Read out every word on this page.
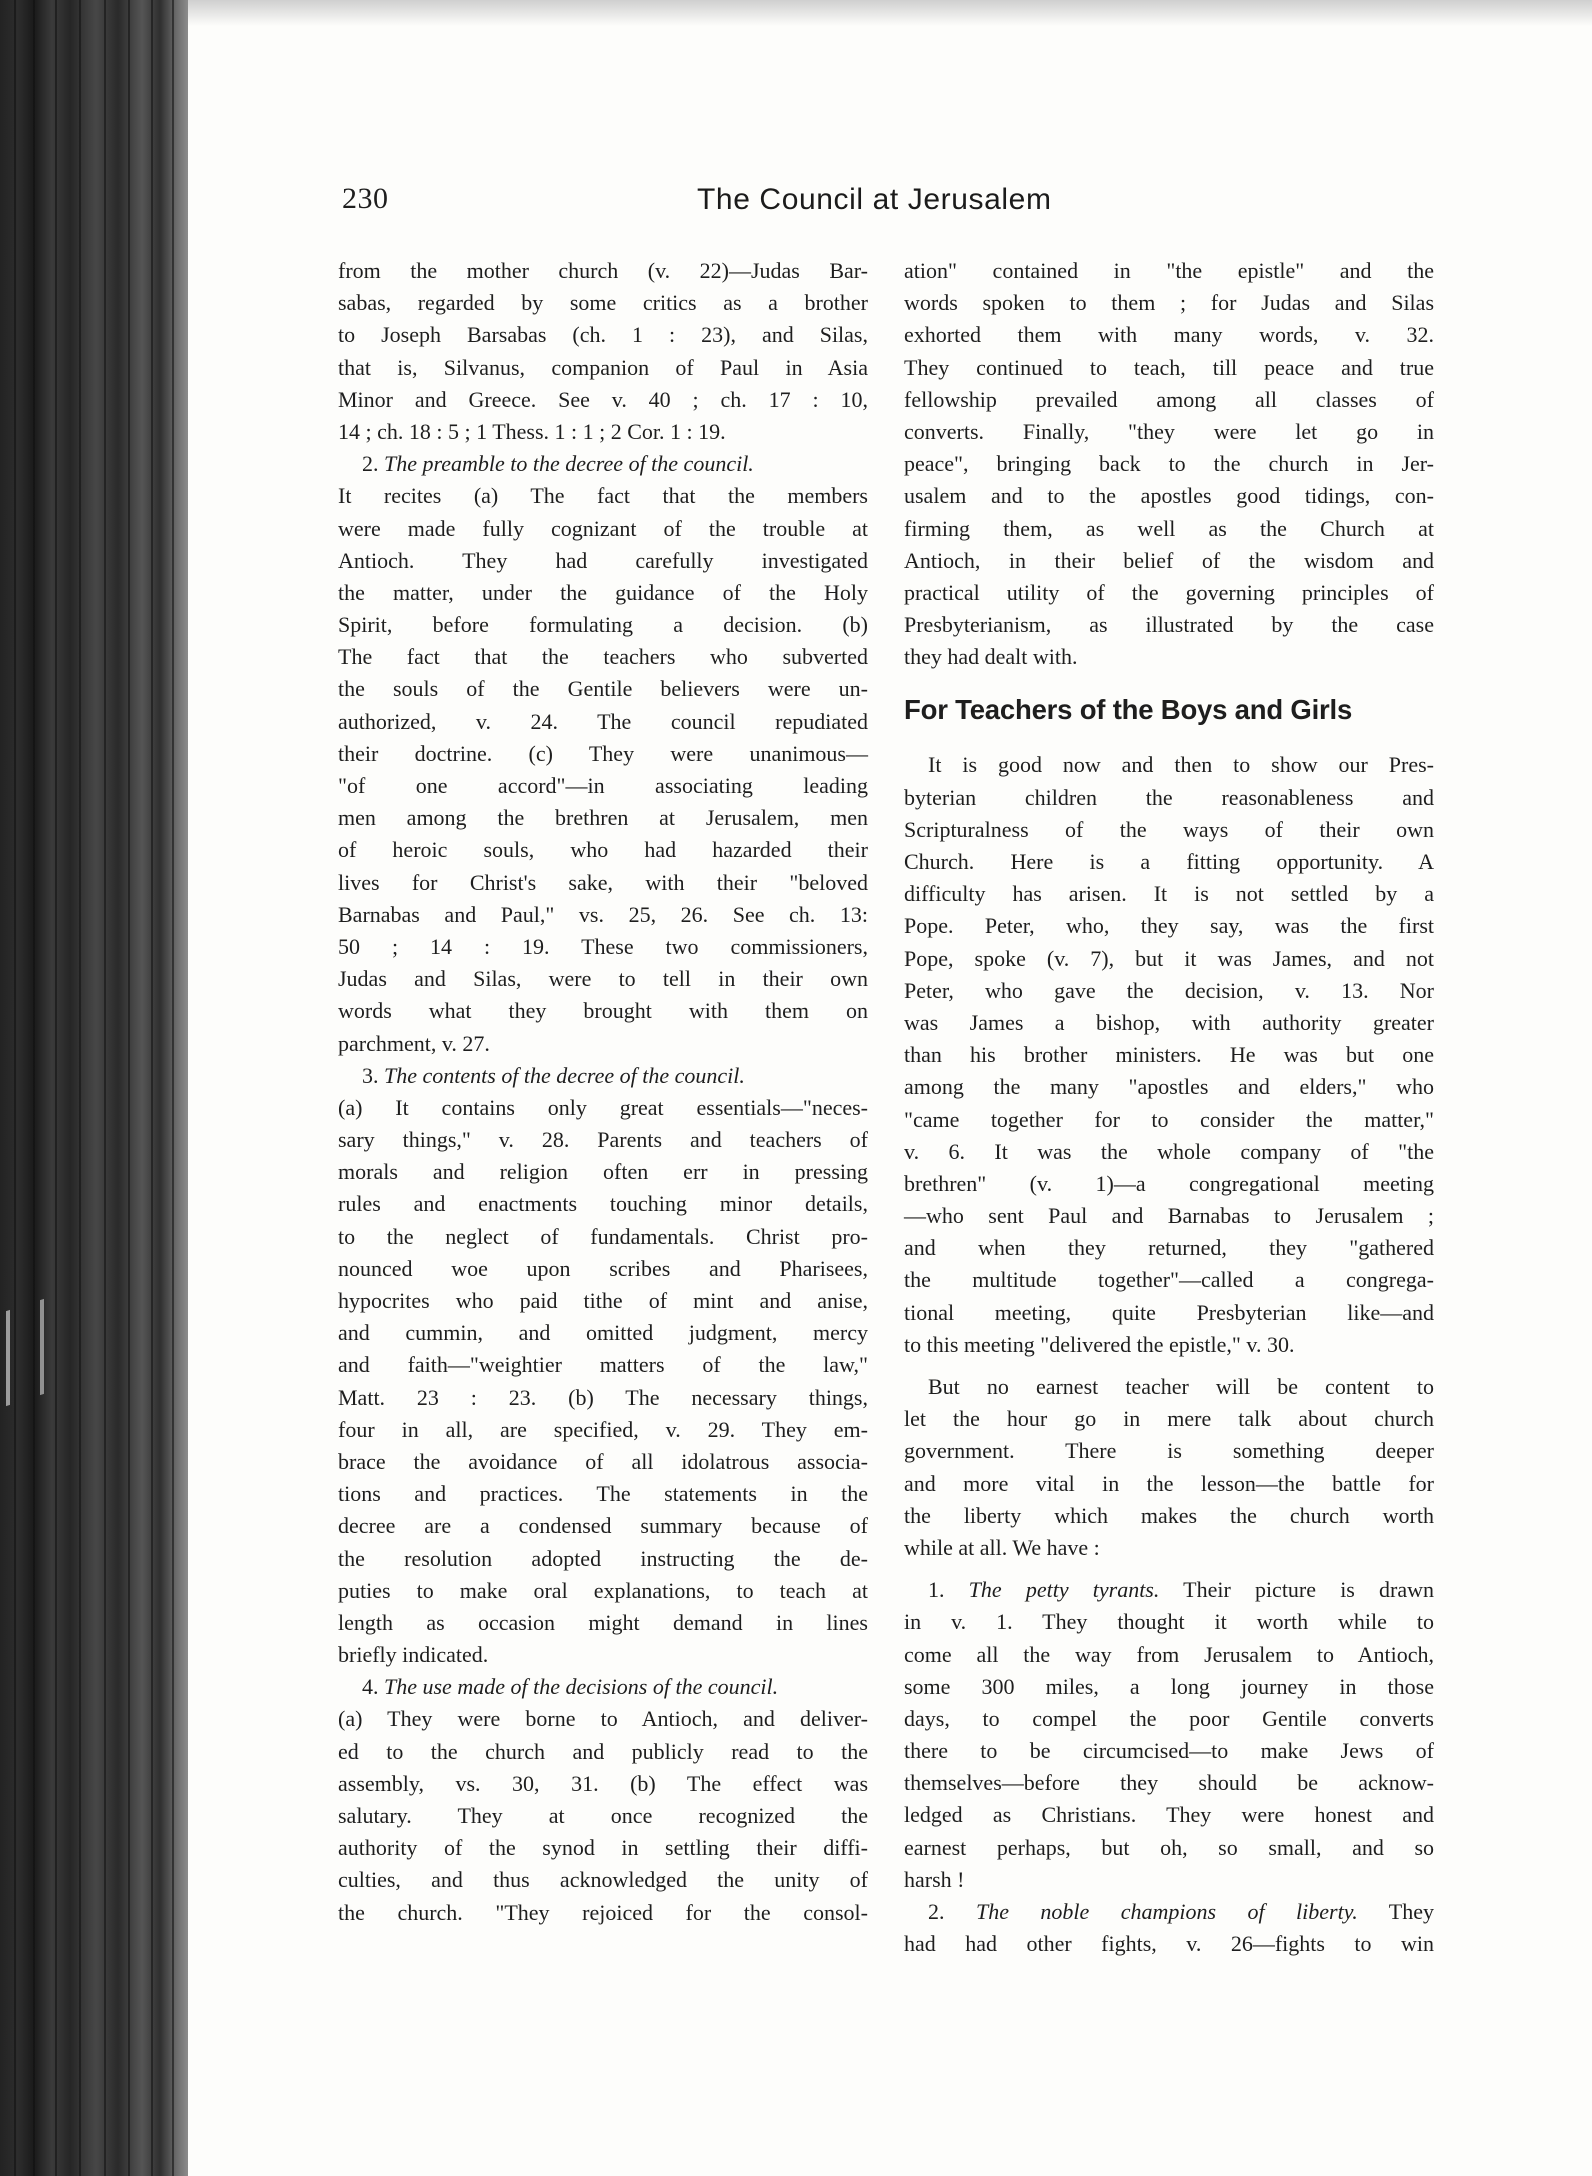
230	The Council at Jerusalem
from the mother church (v. 22)—Judas Bar-
sabas, regarded by some critics as a brother
to Joseph Barsabas (ch. 1 : 23), and Silas,
that is, Silvanus, companion of Paul in Asia
Minor and Greece. See v. 40 ; ch. 17 : 10,
14 ; ch. 18 : 5 ; 1 Thess. 1 : 1 ; 2 Cor. 1 : 19.
2. The preamble to the decree of the council.
It recites (a) The fact that the members
were made fully cognizant of the trouble at
Antioch. They had carefully investigated
the matter, under the guidance of the Holy
Spirit, before formulating a decision. (b)
The fact that the teachers who subverted
the souls of the Gentile believers were un-
authorized, v. 24. The council repudiated
their doctrine. (c) They were unanimous—
"of one accord"—in associating leading
men among the brethren at Jerusalem, men
of heroic souls, who had hazarded their
lives for Christ's sake, with their "beloved
Barnabas and Paul," vs. 25, 26. See ch. 13:
50 ; 14 : 19. These two commissioners,
Judas and Silas, were to tell in their own
words what they brought with them on
parchment, v. 27.
3. The contents of the decree of the council.
(a) It contains only great essentials—"neces-
sary things," v. 28. Parents and teachers of
morals and religion often err in pressing
rules and enactments touching minor details,
to the neglect of fundamentals. Christ pro-
nounced woe upon scribes and Pharisees,
hypocrites who paid tithe of mint and anise,
and cummin, and omitted judgment, mercy
and faith—"weightier matters of the law,"
Matt. 23 : 23. (b) The necessary things,
four in all, are specified, v. 29. They em-
brace the avoidance of all idolatrous associa-
tions and practices. The statements in the
decree are a condensed summary because of
the resolution adopted instructing the de-
puties to make oral explanations, to teach at
length as occasion might demand in lines
briefly indicated.
4. The use made of the decisions of the council.
(a) They were borne to Antioch, and deliver-
ed to the church and publicly read to the
assembly, vs. 30, 31. (b) The effect was
salutary. They at once recognized the
authority of the synod in settling their diffi-
culties, and thus acknowledged the unity of
the church. "They rejoiced for the consol-
ation" contained in "the epistle" and the
words spoken to them ; for Judas and Silas
exhorted them with many words, v. 32.
They continued to teach, till peace and true
fellowship prevailed among all classes of
converts. Finally, "they were let go in
peace", bringing back to the church in Jer-
usalem and to the apostles good tidings, con-
firming them, as well as the Church at
Antioch, in their belief of the wisdom and
practical utility of the governing principles of
Presbyterianism, as illustrated by the case
they had dealt with.
For Teachers of the Boys and Girls
It is good now and then to show our Pres-
byterian children the reasonableness and
Scripturalness of the ways of their own
Church. Here is a fitting opportunity. A
difficulty has arisen. It is not settled by a
Pope. Peter, who, they say, was the first
Pope, spoke (v. 7), but it was James, and not
Peter, who gave the decision, v. 13. Nor
was James a bishop, with authority greater
than his brother ministers. He was but one
among the many "apostles and elders," who
"came together for to consider the matter,"
v. 6. It was the whole company of "the
brethren" (v. 1)—a congregational meeting
—who sent Paul and Barnabas to Jerusalem ;
and when they returned, they "gathered
the multitude together"—called a congrega-
tional meeting, quite Presbyterian like—and
to this meeting "delivered the epistle," v. 30.
But no earnest teacher will be content to
let the hour go in mere talk about church
government. There is something deeper
and more vital in the lesson—the battle for
the liberty which makes the church worth
while at all. We have :
1. The petty tyrants. Their picture is drawn
in v. 1. They thought it worth while to
come all the way from Jerusalem to Antioch,
some 300 miles, a long journey in those
days, to compel the poor Gentile converts
there to be circumcised—to make Jews of
themselves—before they should be acknow-
ledged as Christians. They were honest and
earnest perhaps, but oh, so small, and so
harsh !
2. The noble champions of liberty. They
had had other fights, v. 26—fights to win
